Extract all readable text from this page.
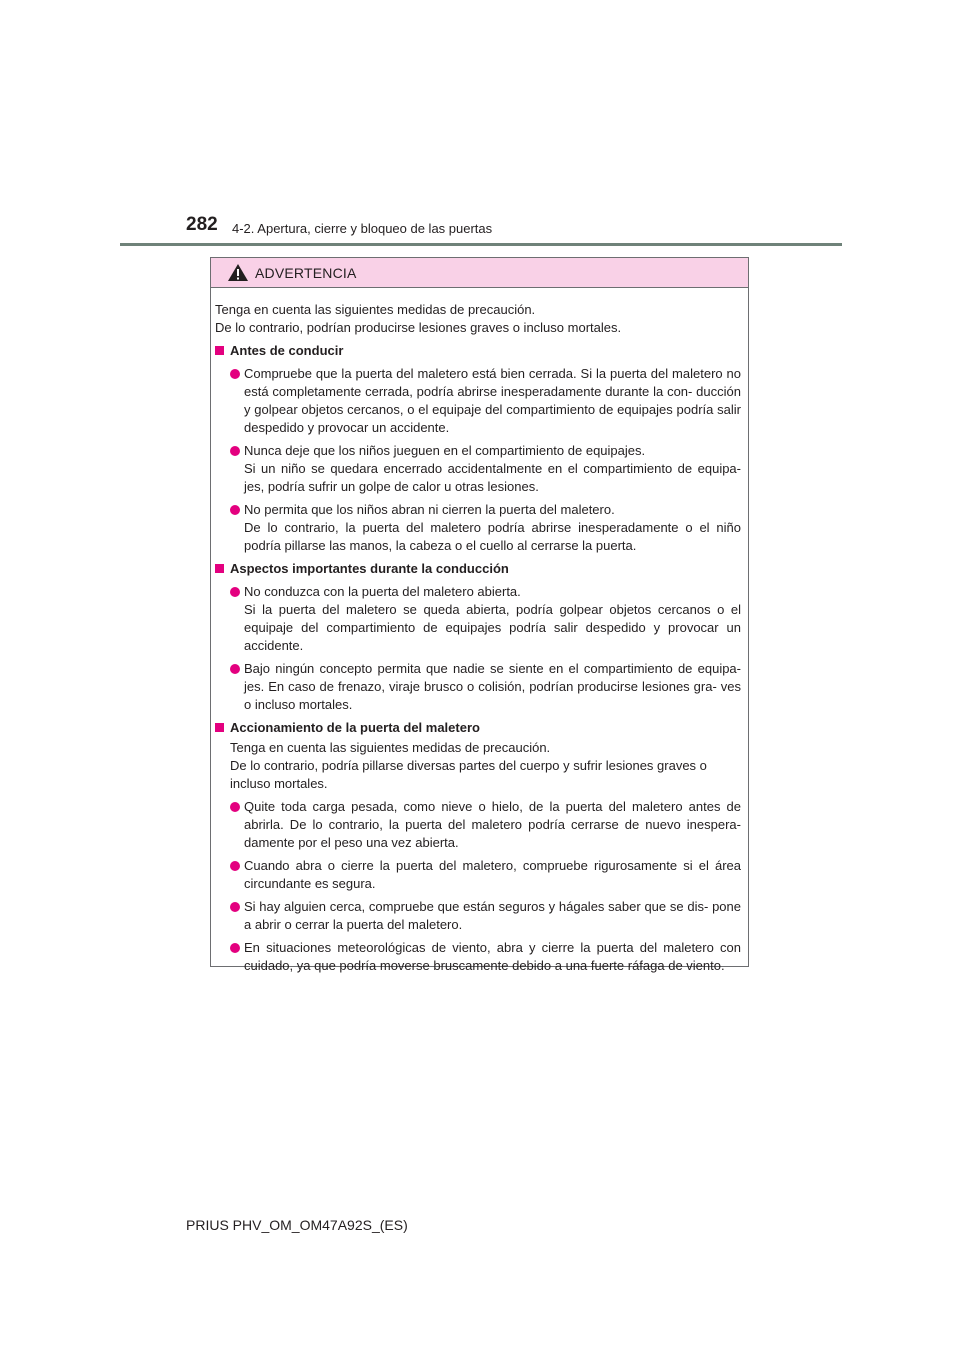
282 4-2. Apertura, cierre y bloqueo de las puertas
ADVERTENCIA

Tenga en cuenta las siguientes medidas de precaución.

De lo contrario, podrían producirse lesiones graves o incluso mortales.

Antes de conducir
Compruebe que la puerta del maletero está bien cerrada. Si la puerta del maletero no está completamente cerrada, podría abrirse inesperadamente durante la con- ducción y golpear objetos cercanos, o el equipaje del compartimiento de equipajes podría salir despedido y provocar un accidente.
Nunca deje que los niños jueguen en el compartimiento de equipajes.
Si un niño se quedara encerrado accidentalmente en el compartimiento de equipa- jes, podría sufrir un golpe de calor u otras lesiones.
No permita que los niños abran ni cierren la puerta del maletero.
De lo contrario, la puerta del maletero podría abrirse inesperadamente o el niño podría pillarse las manos, la cabeza o el cuello al cerrarse la puerta.
Aspectos importantes durante la conducción
No conduzca con la puerta del maletero abierta.
Si la puerta del maletero se queda abierta, podría golpear objetos cercanos o el equipaje del compartimiento de equipajes podría salir despedido y provocar un accidente.
Bajo ningún concepto permita que nadie se siente en el compartimiento de equipa- jes. En caso de frenazo, viraje brusco o colisión, podrían producirse lesiones gra- ves o incluso mortales.
Accionamiento de la puerta del maletero
Tenga en cuenta las siguientes medidas de precaución.
De lo contrario, podría pillarse diversas partes del cuerpo y sufrir lesiones graves o incluso mortales.
Quite toda carga pesada, como nieve o hielo, de la puerta del maletero antes de abrirla. De lo contrario, la puerta del maletero podría cerrarse de nuevo inespera- damente por el peso una vez abierta.
Cuando abra o cierre la puerta del maletero, compruebe rigurosamente si el área circundante es segura.
Si hay alguien cerca, compruebe que están seguros y hágales saber que se dis- pone a abrir o cerrar la puerta del maletero.
En situaciones meteorológicas de viento, abra y cierre la puerta del maletero con cuidado, ya que podría moverse bruscamente debido a una fuerte ráfaga de viento.
PRIUS PHV_OM_OM47A92S_(ES)
